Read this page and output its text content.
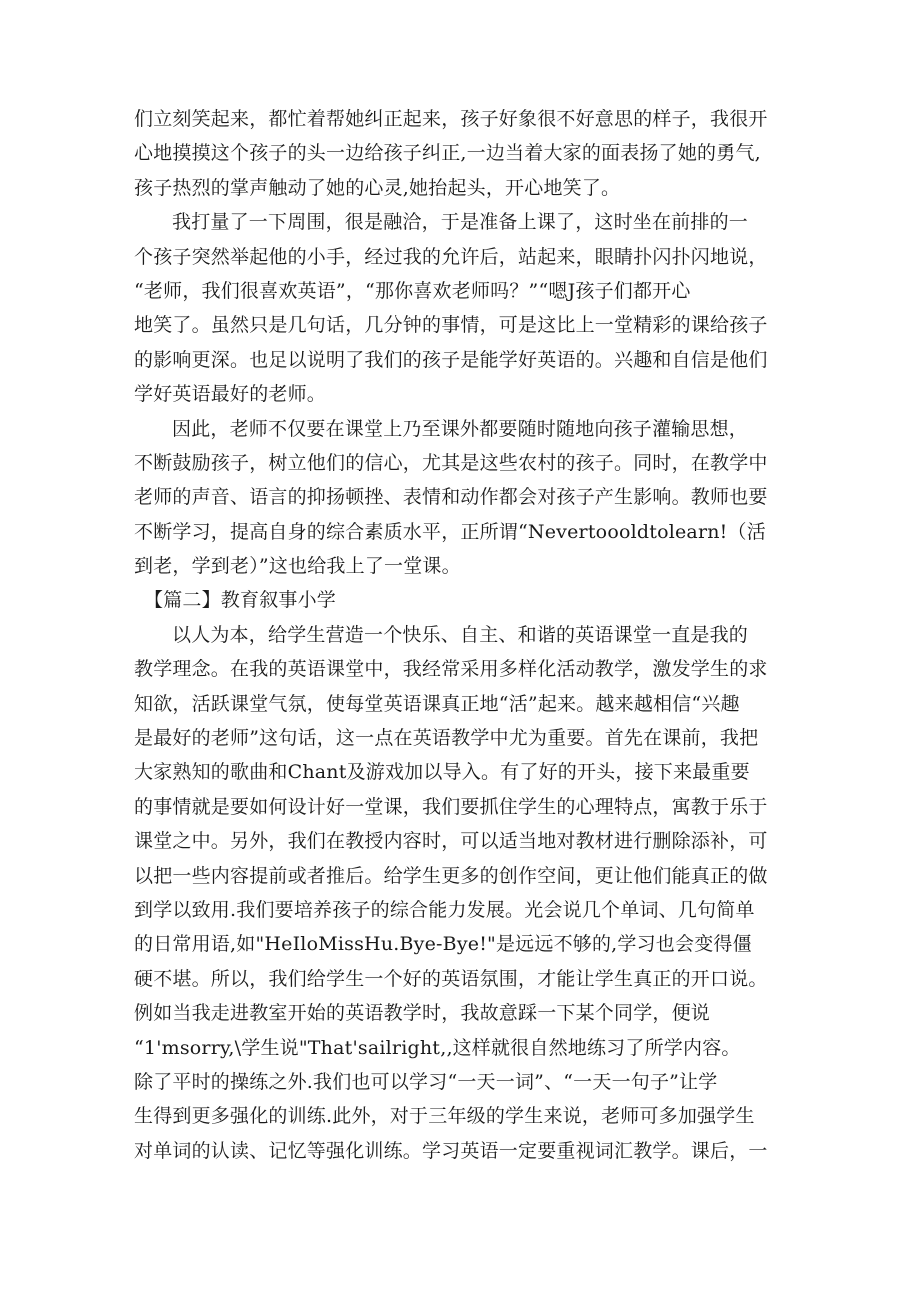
们立刻笑起来，都忙着帮她纠正起来，孩子好象很不好意思的样子，我很开
心地摸摸这个孩子的头一边给孩子纠正,一边当着大家的面表扬了她的勇气,
孩子热烈的掌声触动了她的心灵,她抬起头，开心地笑了。
我打量了一下周围，很是融洽，于是准备上课了，这时坐在前排的一
个孩子突然举起他的小手，经过我的允许后，站起来，眼睛扑闪扑闪地说，
“老师，我们很喜欢英语”，“那你喜欢老师吗？”“嗯J孩子们都开心
地笑了。虽然只是几句话，几分钟的事情，可是这比上一堂精彩的课给孩子
的影响更深。也足以说明了我们的孩子是能学好英语的。兴趣和自信是他们
学好英语最好的老师。
因此，老师不仅要在课堂上乃至课外都要随时随地向孩子灌输思想，
不断鼓励孩子，树立他们的信心，尤其是这些农村的孩子。同时，在教学中
老师的声音、语言的抑扬顿挫、表情和动作都会对孩子产生影响。教师也要
不断学习，提高自身的综合素质水平，正所谓“Nevertoooldtolearn!（活
到老，学到老）”这也给我上了一堂课。
【篇二】教育叙事小学
以人为本，给学生营造一个快乐、自主、和谐的英语课堂一直是我的
教学理念。在我的英语课堂中，我经常采用多样化活动教学，激发学生的求
知欲，活跃课堂气氛，使每堂英语课真正地“活”起来。越来越相信“兴趣
是最好的老师”这句话，这一点在英语教学中尤为重要。首先在课前，我把
大家熟知的歌曲和Chant及游戏加以导入。有了好的开头，接下来最重要
的事情就是要如何设计好一堂课，我们要抓住学生的心理特点，寓教于乐于
课堂之中。另外，我们在教授内容时，可以适当地对教材进行删除添补，可
以把一些内容提前或者推后。给学生更多的创作空间，更让他们能真正的做
到学以致用.我们要培养孩子的综合能力发展。光会说几个单词、几句简单
的日常用语,如"HeIloMissHu.Bye-Bye!"是远远不够的,学习也会变得僵
硬不堪。所以，我们给学生一个好的英语氛围，才能让学生真正的开口说。
例如当我走进教室开始的英语教学时，我故意踩一下某个同学，便说
“1'msorry,\学生说"That'sailright‚‚这样就很自然地练习了所学内容。
除了平时的操练之外.我们也可以学习“一天一词”、“一天一句子”让学
生得到更多强化的训练.此外，对于三年级的学生来说，老师可多加强学生
对单词的认读、记忆等强化训练。学习英语一定要重视词汇教学。课后，一
